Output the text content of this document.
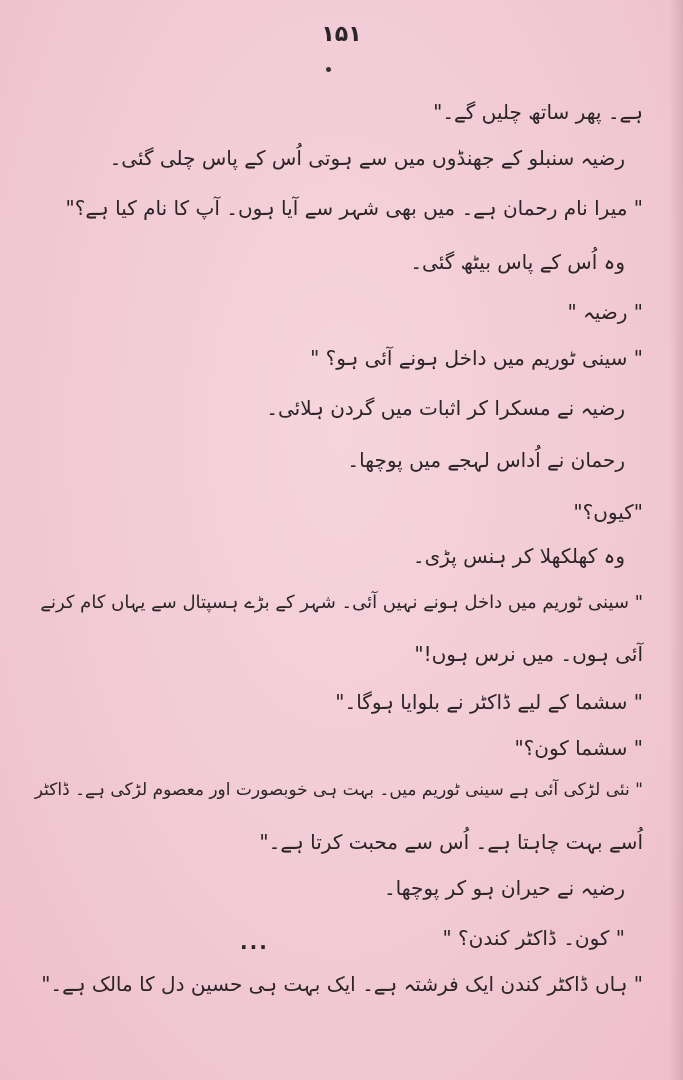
۱۵۱
ہے۔ پھر ساتھ چلیں گے۔"
رضیہ سنبلو کے جھنڈوں میں سے ہوتی اُس کے پاس چلی گئی۔
" میرا نام رحمان ہے۔ میں بھی شہر سے آیا ہوں۔ آپ کا نام کیا ہے؟"
وہ اُس کے پاس بیٹھ گئی۔
" رضیہ "
" سینی ٹوریم میں داخل ہونے آئی ہو؟ "
رضیہ نے مسکرا کر اثبات میں گردن ہلائی۔
رحمان نے اُداس لہجے میں پوچھا۔
"کیوں؟"
وہ کھلکھلا کر ہنس پڑی۔
" سینی ٹوریم میں داخل ہونے نہیں آئی۔ شہر کے بڑے ہسپتال سے یہاں کام کرنے
آئی ہوں۔ میں نرس ہوں!"
" سشما کے لیے ڈاکٹر نے بلوایا ہوگا۔"
" سشما کون؟"
" نئی لڑکی آئی ہے سینی ٹوریم میں۔ بہت ہی خوبصورت اور معصوم لڑکی ہے۔ ڈاکٹر
اُسے بہت چاہتا ہے۔ اُس سے محبت کرتا ہے۔"
رضیہ نے حیران ہو کر پوچھا۔
" کون۔ ڈاکٹر کندن؟ "
...
" ہاں ڈاکٹر کندن ایک فرشتہ ہے۔ ایک بہت ہی حسین دل کا مالک ہے۔"
